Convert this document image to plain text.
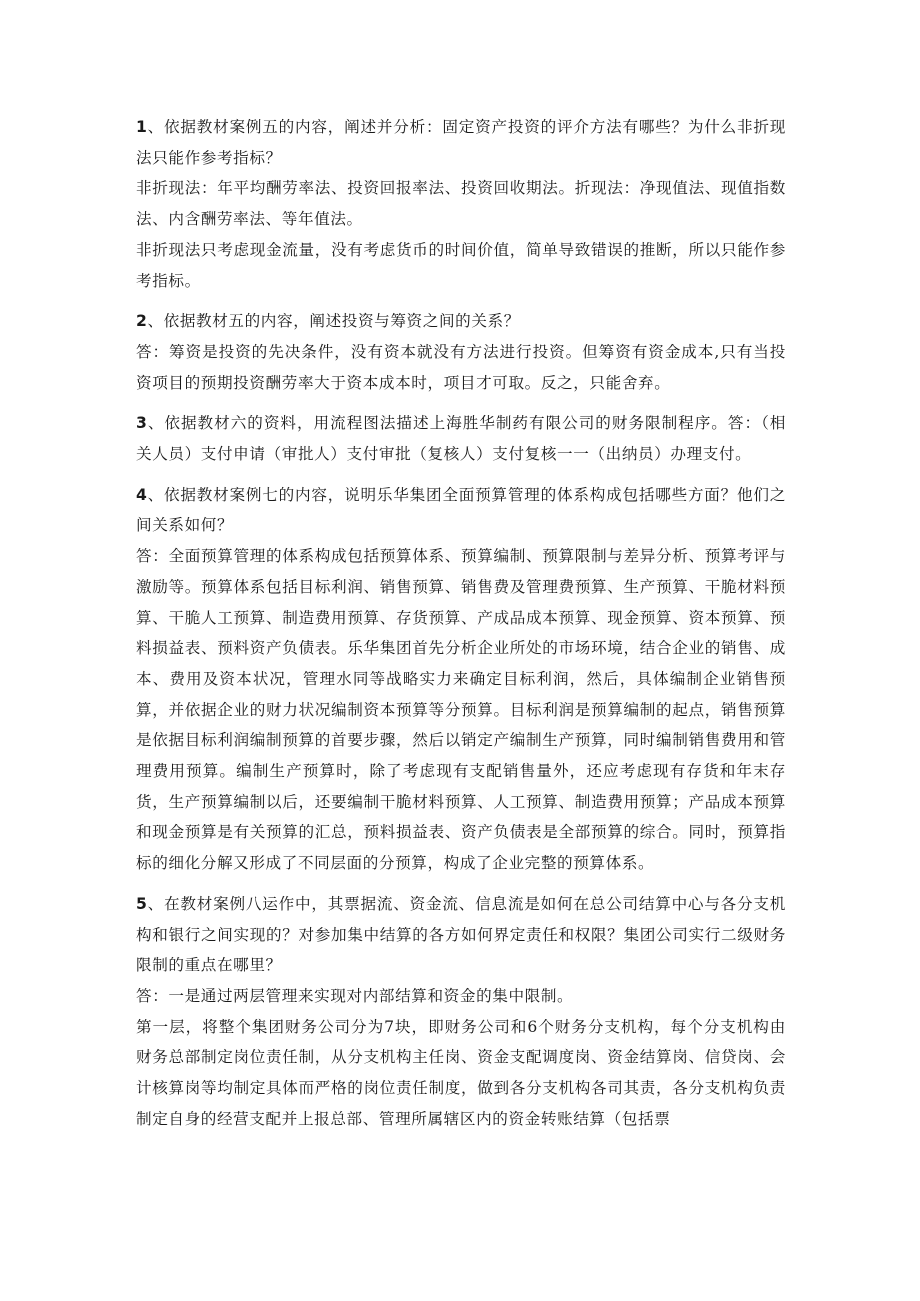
1、依据教材案例五的内容，阐述并分析：固定资产投资的评介方法有哪些？为什么非折现法只能作参考指标？

非折现法：年平均酬劳率法、投资回报率法、投资回收期法。折现法：净现值法、现值指数法、内含酬劳率法、等年值法。

非折现法只考虑现金流量，没有考虑货币的时间价值，简单导致错误的推断，所以只能作参考指标。

2、依据教材五的内容，阐述投资与筹资之间的关系？

答：筹资是投资的先决条件，没有资本就没有方法进行投资。但筹资有资金成本,只有当投资项目的预期投资酬劳率大于资本成本时，项目才可取。反之，只能舍弃。

3、依据教材六的资料，用流程图法描述上海胜华制药有限公司的财务限制程序。答：（相关人员）支付申请（审批人）支付审批（复核人）支付复核一一（出纳员）办理支付。

4、依据教材案例七的内容，说明乐华集团全面预算管理的体系构成包括哪些方面？他们之间关系如何？

答：全面预算管理的体系构成包括预算体系、预算编制、预算限制与差异分析、预算考评与激励等。预算体系包括目标利润、销售预算、销售费及管理费预算、生产预算、干脆材料预算、干脆人工预算、制造费用预算、存货预算、产成品成本预算、现金预算、资本预算、预料损益表、预料资产负债表。乐华集团首先分析企业所处的市场环境，结合企业的销售、成本、费用及资本状况，管理水同等战略实力来确定目标利润，然后，具体编制企业销售预算，并依据企业的财力状况编制资本预算等分预算。目标利润是预算编制的起点，销售预算是依据目标利润编制预算的首要步骤，然后以销定产编制生产预算，同时编制销售费用和管理费用预算。编制生产预算时，除了考虑现有支配销售量外，还应考虑现有存货和年末存货，生产预算编制以后，还要编制干脆材料预算、人工预算、制造费用预算；产品成本预算和现金预算是有关预算的汇总，预料损益表、资产负债表是全部预算的综合。同时，预算指标的细化分解又形成了不同层面的分预算，构成了企业完整的预算体系。

5、在教材案例八运作中，其票据流、资金流、信息流是如何在总公司结算中心与各分支机构和银行之间实现的？对参加集中结算的各方如何界定责任和权限？集团公司实行二级财务限制的重点在哪里？

答：一是通过两层管理来实现对内部结算和资金的集中限制。

第一层，将整个集团财务公司分为7块，即财务公司和6个财务分支机构，每个分支机构由财务总部制定岗位责任制，从分支机构主任岗、资金支配调度岗、资金结算岗、信贷岗、会计核算岗等均制定具体而严格的岗位责任制度，做到各分支机构各司其责，各分支机构负责制定自身的经营支配并上报总部、管理所属辖区内的资金转账结算（包括票
